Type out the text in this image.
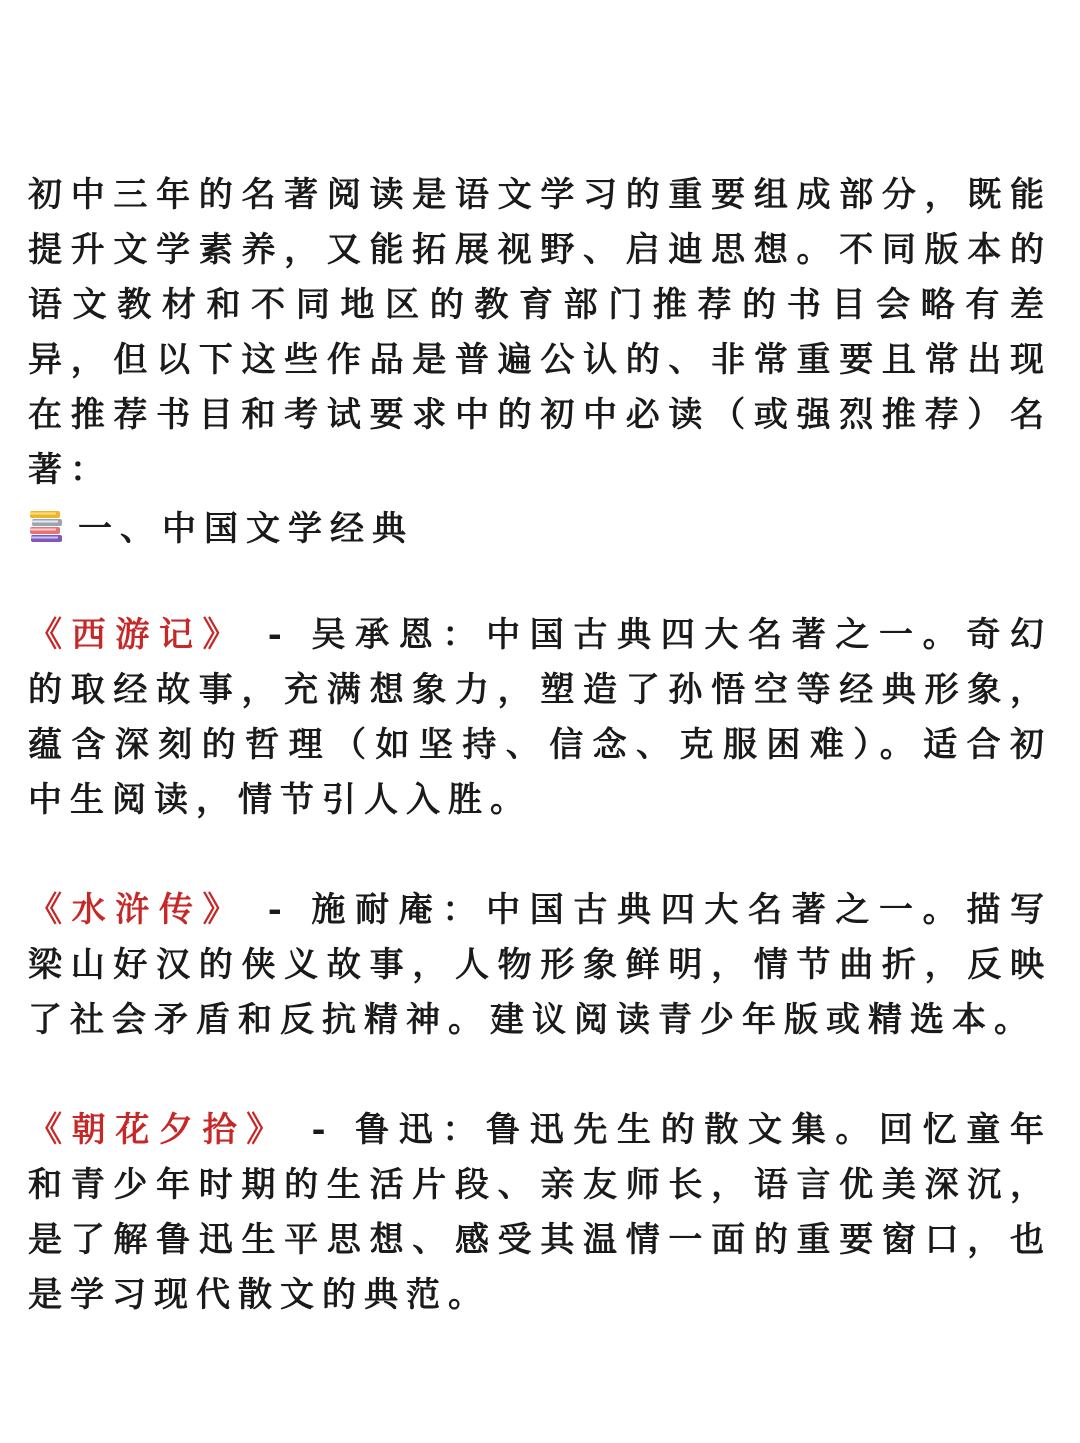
初中三年的名著阅读是语文学习的重要组成部分，既能提升文学素养，又能拓展视野、启迪思想。不同版本的语文教材和不同地区的教育部门推荐的书目会略有差异，但以下这些作品是普遍公认的、非常重要且常出现在推荐书目和考试要求中的初中必读（或强烈推荐）名著：

一、中国文学经典

《西游记》 - 吴承恩：中国古典四大名著之一。奇幻的取经故事，充满想象力，塑造了孙悟空等经典形象，蕴含深刻的哲理（如坚持、信念、克服困难）。适合初中生阅读，情节引人入胜。

《水浒传》 - 施耐庵：中国古典四大名著之一。描写梁山好汉的侠义故事，人物形象鲜明，情节曲折，反映了社会矛盾和反抗精神。建议阅读青少年版或精选本。

《朝花夕拾》 - 鲁迅：鲁迅先生的散文集。回忆童年和青少年时期的生活片段、亲友师长，语言优美深沉，是了解鲁迅生平思想、感受其温情一面的重要窗口，也是学习现代散文的典范。
